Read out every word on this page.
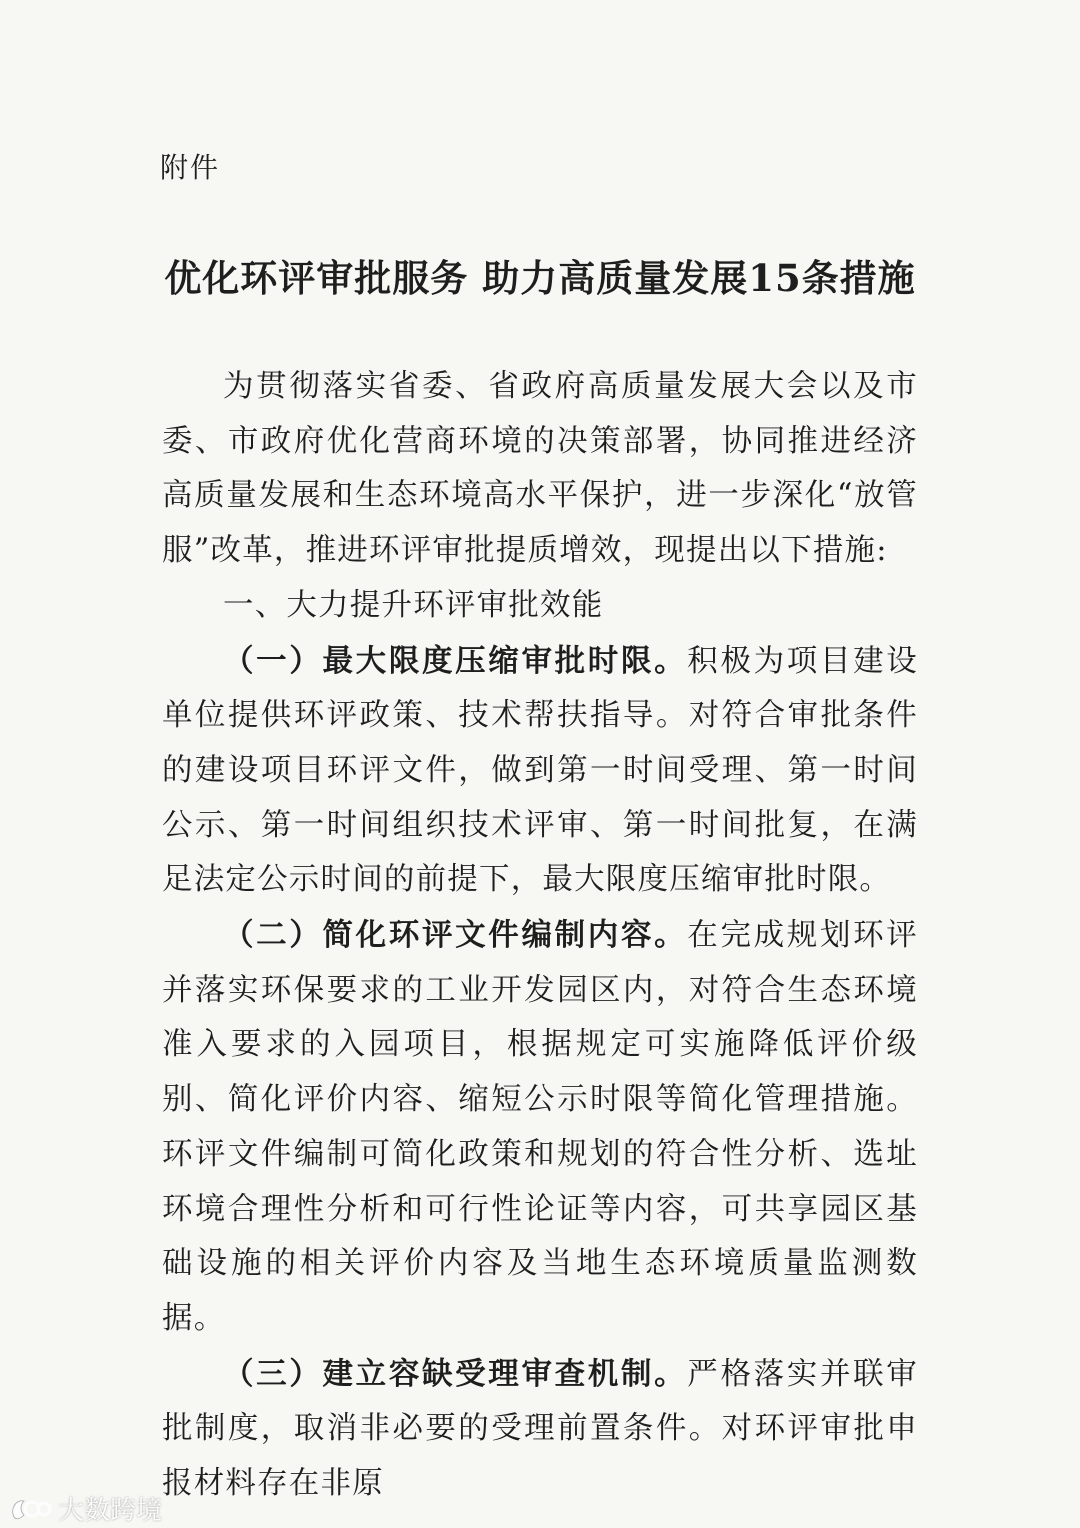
附件
优化环评审批服务 助力高质量发展15条措施

为贯彻落实省委、省政府高质量发展大会以及市委、市政府优化营商环境的决策部署，协同推进经济高质量发展和生态环境高水平保护，进一步深化“放管服”改革，推进环评审批提质增效，现提出以下措施:

一、大力提升环评审批效能

（一）最大限度压缩审批时限。积极为项目建设单位提供环评政策、技术帮扶指导。对符合审批条件的建设项目环评文件，做到第一时间受理、第一时间公示、第一时间组织技术评审、第一时间批复，在满足法定公示时间的前提下，最大限度压缩审批时限。

（二）简化环评文件编制内容。在完成规划环评并落实环保要求的工业开发园区内，对符合生态环境准入要求的入园项目，根据规定可实施降低评价级别、简化评价内容、缩短公示时限等简化管理措施。环评文件编制可简化政策和规划的符合性分析、选址环境合理性分析和可行性论证等内容，可共享园区基础设施的相关评价内容及当地生态环境质量监测数据。

（三）建立容缺受理审查机制。严格落实并联审批制度，取消非必要的受理前置条件。对环评审批申报材料存在非原

大数跨境
